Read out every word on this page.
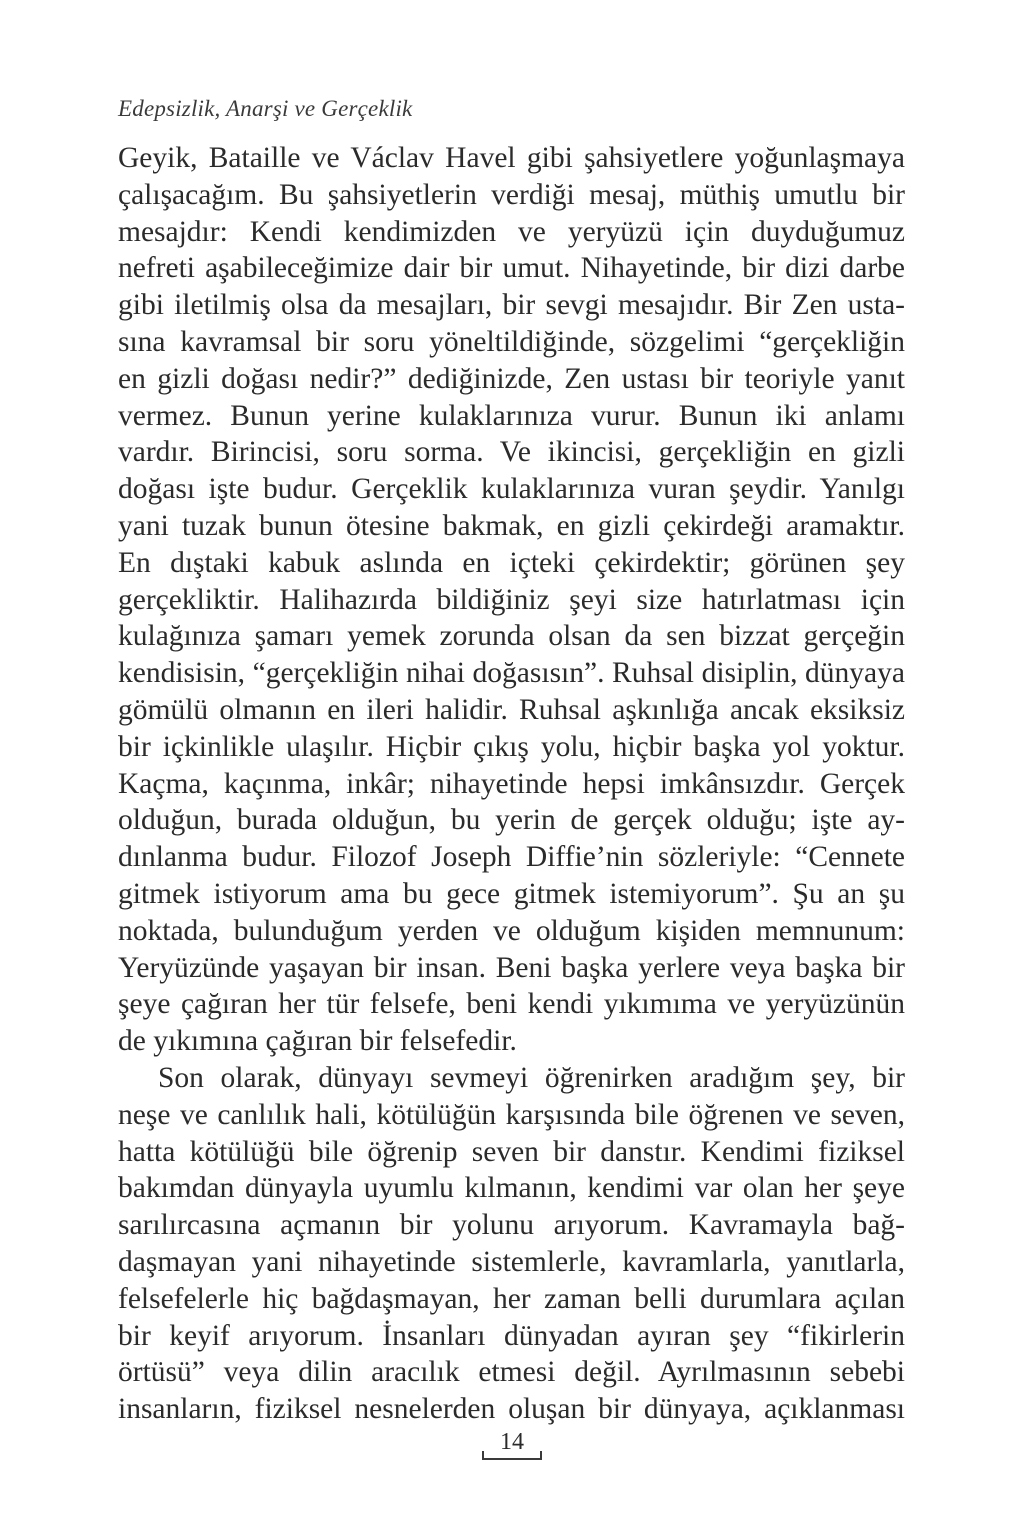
Edepsizlik, Anarşi ve Gerçeklik
Geyik, Bataille ve Václav Havel gibi şahsiyetlere yoğunlaşmaya
çalışacağım. Bu şahsiyetlerin verdiği mesaj, müthiş umutlu bir
mesajdır: Kendi kendimizden ve yeryüzü için duyduğumuz
nefreti aşabileceğimize dair bir umut. Nihayetinde, bir dizi darbe
gibi iletilmiş olsa da mesajları, bir sevgi mesajıdır. Bir Zen usta-
sına kavramsal bir soru yöneltildiğinde, sözgelimi “gerçekliğin
en gizli doğası nedir?” dediğinizde, Zen ustası bir teoriyle yanıt
vermez. Bunun yerine kulaklarınıza vurur. Bunun iki anlamı
vardır. Birincisi, soru sorma. Ve ikincisi, gerçekliğin en gizli
doğası işte budur. Gerçeklik kulaklarınıza vuran şeydir. Yanılgı
yani tuzak bunun ötesine bakmak, en gizli çekirdeği aramaktır.
En dıştaki kabuk aslında en içteki çekirdektir; görünen şey
gerçekliktir. Halihazırda bildiğiniz şeyi size hatırlatması için
kulağınıza şamarı yemek zorunda olsan da sen bizzat gerçeğin
kendisisin, “gerçekliğin nihai doğasısın”. Ruhsal disiplin, dünyaya
gömülü olmanın en ileri halidir. Ruhsal aşkınlığa ancak eksiksiz
bir içkinlikle ulaşılır. Hiçbir çıkış yolu, hiçbir başka yol yoktur.
Kaçma, kaçınma, inkâr; nihayetinde hepsi imkânsızdır. Gerçek
olduğun, burada olduğun, bu yerin de gerçek olduğu; işte ay-
dınlanma budur. Filozof Joseph Diffie’nin sözleriyle: “Cennete
gitmek istiyorum ama bu gece gitmek istemiyorum”. Şu an şu
noktada, bulunduğum yerden ve olduğum kişiden memnunum:
Yeryüzünde yaşayan bir insan. Beni başka yerlere veya başka bir
şeye çağıran her tür felsefe, beni kendi yıkımıma ve yeryüzünün
de yıkımına çağıran bir felsefedir.
Son olarak, dünyayı sevmeyi öğrenirken aradığım şey, bir
neşe ve canlılık hali, kötülüğün karşısında bile öğrenen ve seven,
hatta kötülüğü bile öğrenip seven bir danstır. Kendimi fiziksel
bakımdan dünyayla uyumlu kılmanın, kendimi var olan her şeye
sarılırcasına açmanın bir yolunu arıyorum. Kavramayla bağ-
daşmayan yani nihayetinde sistemlerle, kavramlarla, yanıtlarla,
felsefelerle hiç bağdaşmayan, her zaman belli durumlara açılan
bir keyif arıyorum. İnsanları dünyadan ayıran şey “fikirlerin
örtüsü” veya dilin aracılık etmesi değil. Ayrılmasının sebebi
insanların, fiziksel nesnelerden oluşan bir dünyaya, açıklanması
14
